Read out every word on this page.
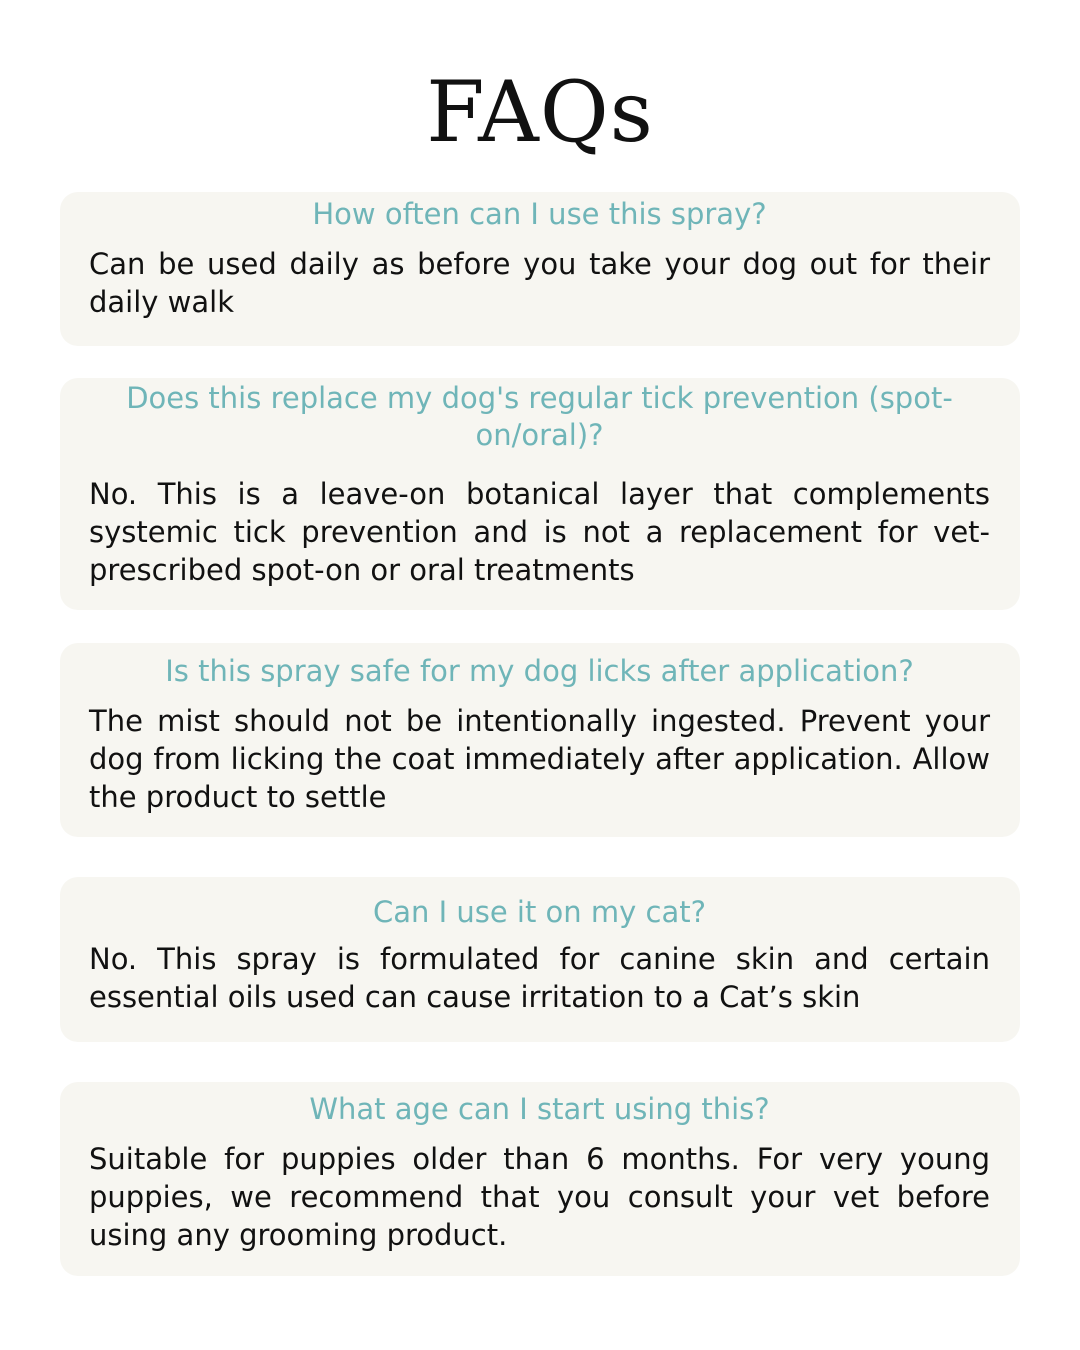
FAQs

How often can I use this spray?

Can be used daily as before you take your dog out for their daily walk

Does this replace my dog's regular tick prevention (spot-on/oral)?

No. This is a leave-on botanical layer that complements systemic tick prevention and is not a replacement for vet-prescribed spot-on or oral treatments

Is this spray safe for my dog licks after application?

The mist should not be intentionally ingested. Prevent your dog from licking the coat immediately after application. Allow the product to settle

Can I use it on my cat?

No. This spray is formulated for canine skin and certain essential oils used can cause irritation to a Cat’s skin

What age can I start using this?

Suitable for puppies older than 6 months. For very young puppies, we recommend that you consult your vet before using any grooming product.
